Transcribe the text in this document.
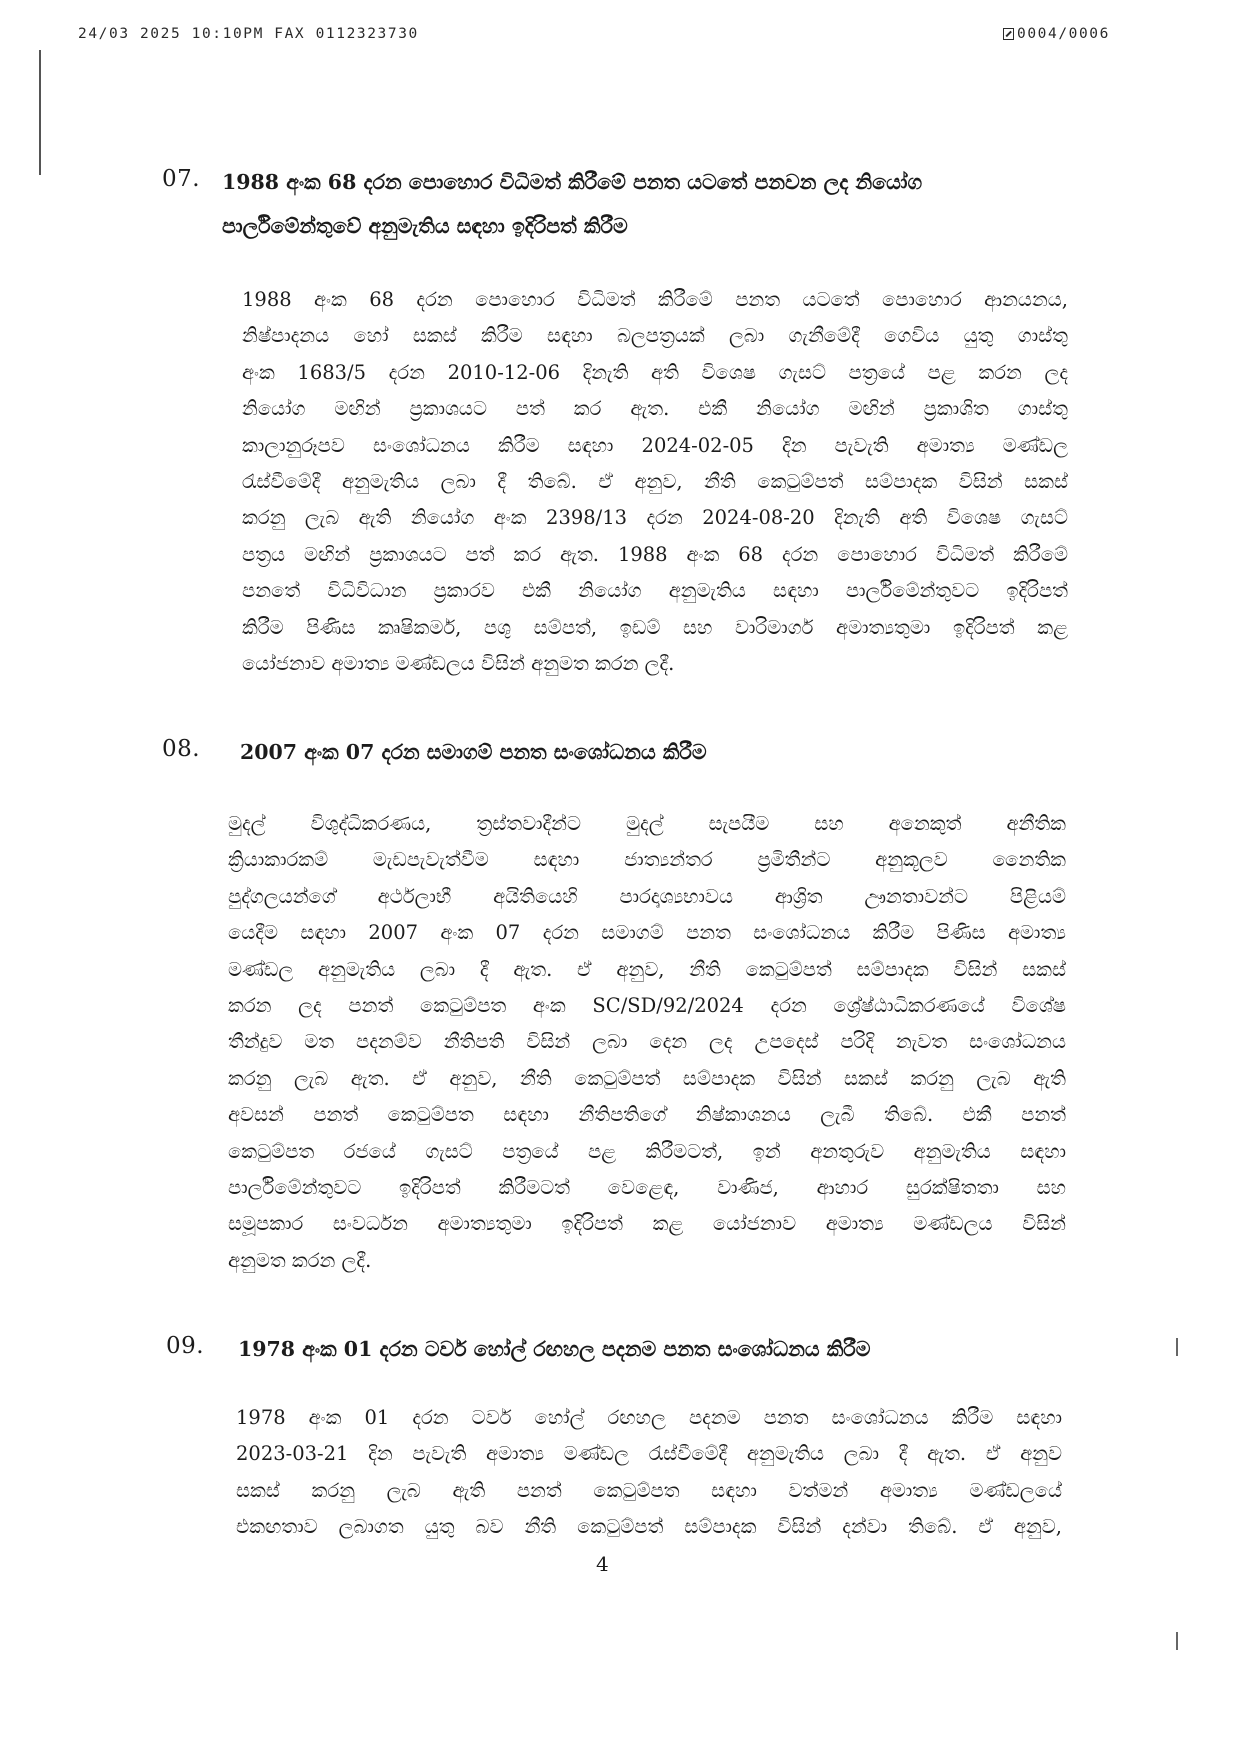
24/03 2025 10:10PM FAX 0112323730	0004/0006
07. 1988 අංක 68 දරන පොහොර විධිමත් කිරීමේ පනත යටතේ පනවන ලද නියෝග
පාර්ලිමේන්තුවේ අනුමැතිය සඳහා ඉදිරිපත් කිරීම
1988 අංක 68 දරන පොහොර විධිමත් කිරීමේ පනත යටතේ පොහොර ආනයනය,
නිෂ්පාදනය හෝ සකස් කිරීම සඳහා බලපත්‍රයක් ලබා ගැනීමේදී ගෙවිය යුතු ගාස්තු
අංක 1683/5 දරන 2010-12-06 දිනැති අති විශෙෂ ගැසට් පත්‍රයේ පළ කරන ලද
නියෝග මඟින් ප්‍රකාශයට පත් කර ඇත. එකී නියෝග මඟින් ප්‍රකාශිත ගාස්තු
කාලානුරූපව සංශෝධනය කිරීම සඳහා 2024-02-05 දින පැවැති අමාත්‍ය මණ්ඩල
රැස්වීමේදී අනුමැතිය ලබා දී තිබේ. ඒ අනුව, නීති කෙටුම්පත් සම්පාදක විසින් සකස්
කරනු ලැබ ඇති නියෝග අංක 2398/13 දරන 2024-08-20 දිනැති අති විශෙෂ ගැසට්
පත්‍රය මඟින් ප්‍රකාශයට පත් කර ඇත. 1988 අංක 68 දරන පොහොර විධිමත් කිරීමේ
පනතේ විධිවිධාන ප්‍රකාරව එකී නියෝග අනුමැතිය සඳහා පාර්ලිමේන්තුවට ඉදිරිපත්
කිරීම පිණිස කෘෂිකර්ම, පශු සම්පත්, ඉඩම් සහ වාරිමාර්ග අමාත්‍යතුමා ඉදිරිපත් කළ
යෝජනාව අමාත්‍ය මණ්ඩලය විසින් අනුමත කරන ලදී.
08. 2007 අංක 07 දරන සමාගම් පනත සංශෝධනය කිරීම
මුදල් විශුද්ධිකරණය, ත්‍රස්තවාදීන්ට මුදල් සැපයීම සහ අනෙකුත් අනීතික
ක්‍රියාකාරකම් මැඩපැවැත්වීම සඳහා ජාත්‍යන්තර ප්‍රමිතීන්ට අනුකූලව නෛතික
පුද්ගලයන්ගේ අර්ථලාභී අයිතියෙහි පාරදෘශ්‍යභාවය ආශ්‍රිත ඌනතාවන්ට පිළියම්
යෙදීම සඳහා 2007 අංක 07 දරන සමාගම් පනත සංශෝධනය කිරීම පිණිස අමාත්‍ය
මණ්ඩල අනුමැතිය ලබා දී ඇත. ඒ අනුව, නීති කෙටුම්පත් සම්පාදක විසින් සකස්
කරන ලද පනත් කෙටුම්පත අංක SC/SD/92/2024 දරන ශ්‍රේෂ්ඨාධිකරණයේ විශේෂ
තීන්දුව මත පදනම්ව නීතිපති විසින් ලබා දෙන ලද උපදෙස් පරිදි නැවත සංශෝධනය
කරනු ලැබ ඇත. ඒ අනුව, නීති කෙටුම්පත් සම්පාදක විසින් සකස් කරනු ලැබ ඇති
අවසන් පනත් කෙටුම්පත සඳහා නීතිපතිගේ නිෂ්කාශනය ලැබී තිබේ. එකී පනත්
කෙටුම්පත රජයේ ගැසට් පත්‍රයේ පළ කිරීමටත්, ඉන් අනතුරුව අනුමැතිය සඳහා
පාර්ලිමේන්තුවට ඉදිරිපත් කිරීමටත් වෙළෙඳ, වාණිජ, ආහාර සුරක්ෂිතතා සහ
සමූපකාර සංවර්ධන අමාත්‍යතුමා ඉදිරිපත් කළ යෝජනාව අමාත්‍ය මණ්ඩලය විසින්
අනුමත කරන ලදී.
09. 1978 අංක 01 දරන ටවර් හෝල් රඟහල පදනම පනත සංශෝධනය කිරීම
1978 අංක 01 දරන ටවර් හෝල් රඟහල පදනම පනත සංශෝධනය කිරීම සඳහා
2023-03-21 දින පැවැති අමාත්‍ය මණ්ඩල රැස්වීමේදී අනුමැතිය ලබා දී ඇත. ඒ අනුව
සකස් කරනු ලැබ ඇති පනත් කෙටුම්පත සඳහා වත්මන් අමාත්‍ය මණ්ඩලයේ
එකඟතාව ලබාගත යුතු බව නීති කෙටුම්පත් සම්පාදක විසින් දන්වා තිබේ. ඒ අනුව,
4
